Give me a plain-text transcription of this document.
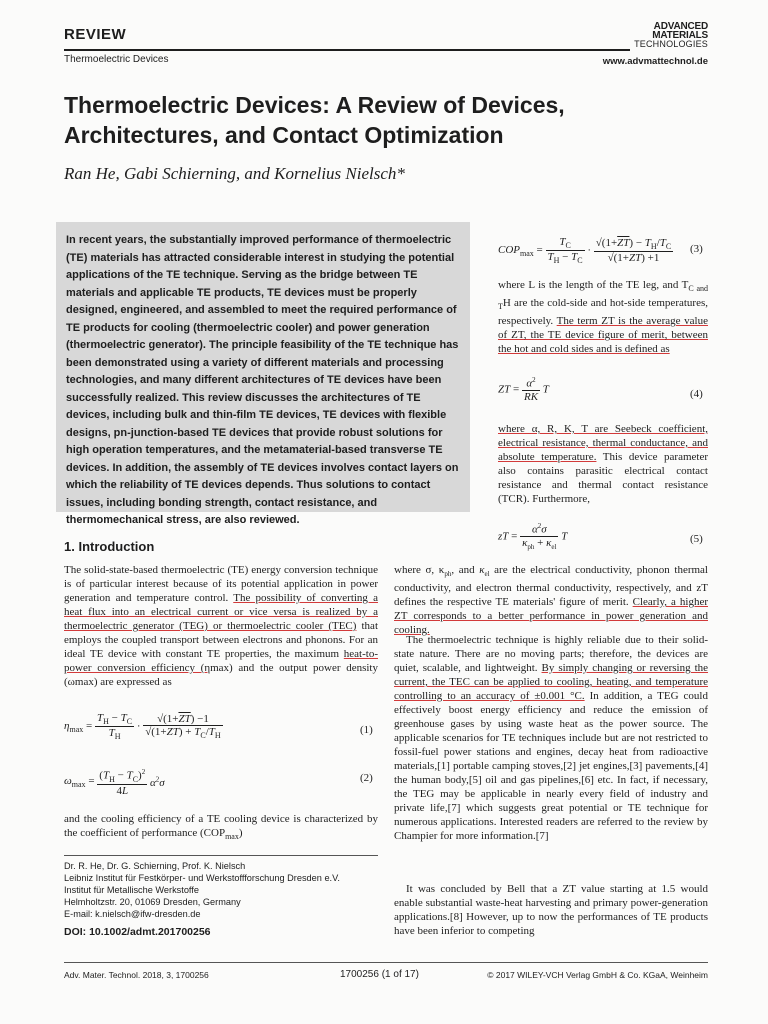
REVIEW
Thermoelectric Devices
ADVANCED
MATERIALS
TECHNOLOGIES
www.advmattechnol.de
Thermoelectric Devices: A Review of Devices,
Architectures, and Contact Optimization
Ran He, Gabi Schierning, and Kornelius Nielsch*
In recent years, the substantially improved performance of thermoelectric (TE) materials has attracted considerable interest in studying the potential applications of the TE technique. Serving as the bridge between TE materials and applicable TE products, TE devices must be properly designed, engineered, and assembled to meet the required performance of TE products for cooling (thermoelectric cooler) and power generation (thermoelectric generator). The principle feasibility of the TE technique has been demonstrated using a variety of different materials and processing technologies, and many different architectures of TE devices have been successfully realized. This review discusses the architectures of TE devices, including bulk and thin-film TE devices, TE devices with flexible designs, pn-junction-based TE devices that provide robust solutions for high operation temperatures, and the metamaterial-based transverse TE devices. In addition, the assembly of TE devices involves contact layers on which the reliability of TE devices depends. Thus solutions to contact issues, including bonding strength, contact resistance, and thermomechanical stress, are also reviewed.
$COP_{max} = \frac{T_C}{T_H - T_C} \cdot \frac{√(1+\overline{ZT}) - T_H/T_C}{√(1+\overline{ZT}) +1} (3)$
where L is the length of the TE leg, and $T_{C and T}H$ are the cold-side and hot-side temperatures, respectively. The term ZT is the average value of ZT, the TE device figure of merit, between the hot and cold sides and is defined as
ZT = $\frac{\alpha^2}{RK}$ T	(4)
where α, R, K, T are Seebeck coefficient, electrical resistance, thermal conductance, and absolute temperature. This device parameter also contains parasitic electrical contact resistance and thermal contact resistance (TCR). Furthermore,
zT = $\frac{\alpha^2\sigma}{\kappa_{ph} + \kappa_{el}}$ T	(5)
1. Introduction
The solid-state-based thermoelectric (TE) energy conversion technique is of particular interest because of its potential application in power generation and temperature control. The possibility of converting a heat flux into an electrical current or vice versa is realized by a thermoelectric generator (TEG) or thermoelectric cooler (TEC) that employs the coupled transport between electrons and phonons. For an ideal TE device with constant TE properties, the maximum heat-to-power conversion efficiency (ηmax) and the output power density (ωmax) are expressed as
$\eta_{max} = \frac{T_H - T_C}{T_H} \cdot \frac{√(1+\overline{ZT}) -1}{√(1+\overline{ZT}) + T_C/T_H}$	(1)
$\omega_{max} = \frac{(T_H - T_C)^2}{4L} \alpha^2\sigma$	(2)
and the cooling efficiency of a TE cooling device is characterized by the coefficient of performance $(COP_{max})$
Dr. R. He, Dr. G. Schierning, Prof. K. Nielsch
Leibniz Institut für Festkörper- und Werkstoffforschung Dresden e.V.
Institut für Metallische Werkstoffe
Helmholtzstr. 20, 01069 Dresden, Germany
E-mail: k.nielsch@ifw-dresden.de
DOI: 10.1002/admt.201700256
where σ, $\kappa_{ph}$, and $\kappa_{el}$ are the electrical conductivity, phonon thermal conductivity, and electron thermal conductivity, respectively, and zT defines the respective TE materials' figure of merit. Clearly, a higher ZT corresponds to a better performance in power generation and cooling.
The thermoelectric technique is highly reliable due to their solid-state nature. There are no moving parts; therefore, the devices are quiet, scalable, and lightweight. By simply changing or reversing the current, the TEC can be applied to cooling, heating, and temperature controlling to an accuracy of ±0.001 °C. In addition, a TEG could effectively boost energy efficiency and reduce the emission of greenhouse gases by using waste heat as the power source. The applicable scenarios for TE techniques include but are not restricted to fossil-fuel power stations and engines, decay heat from radioactive materials,[1] portable camping stoves,[2] jet engines,[3] pavements,[4] the human body,[5] oil and gas pipelines,[6] etc. In fact, if necessary, the TEG may be applicable in nearly every field of industry and private life,[7] which suggests great potential or TE technique for numerous applications. Interested readers are referred to the review by Champier for more information.[7]
It was concluded by Bell that a ZT value starting at 1.5 would enable substantial waste-heat harvesting and primary power-generation applications.[8] However, up to now the performances of TE products have been inferior to competing
Adv. Mater. Technol. 2018, 3, 1700256	1700256 (1 of 17)	© 2017 WILEY-VCH Verlag GmbH & Co. KGaA, Weinheim
